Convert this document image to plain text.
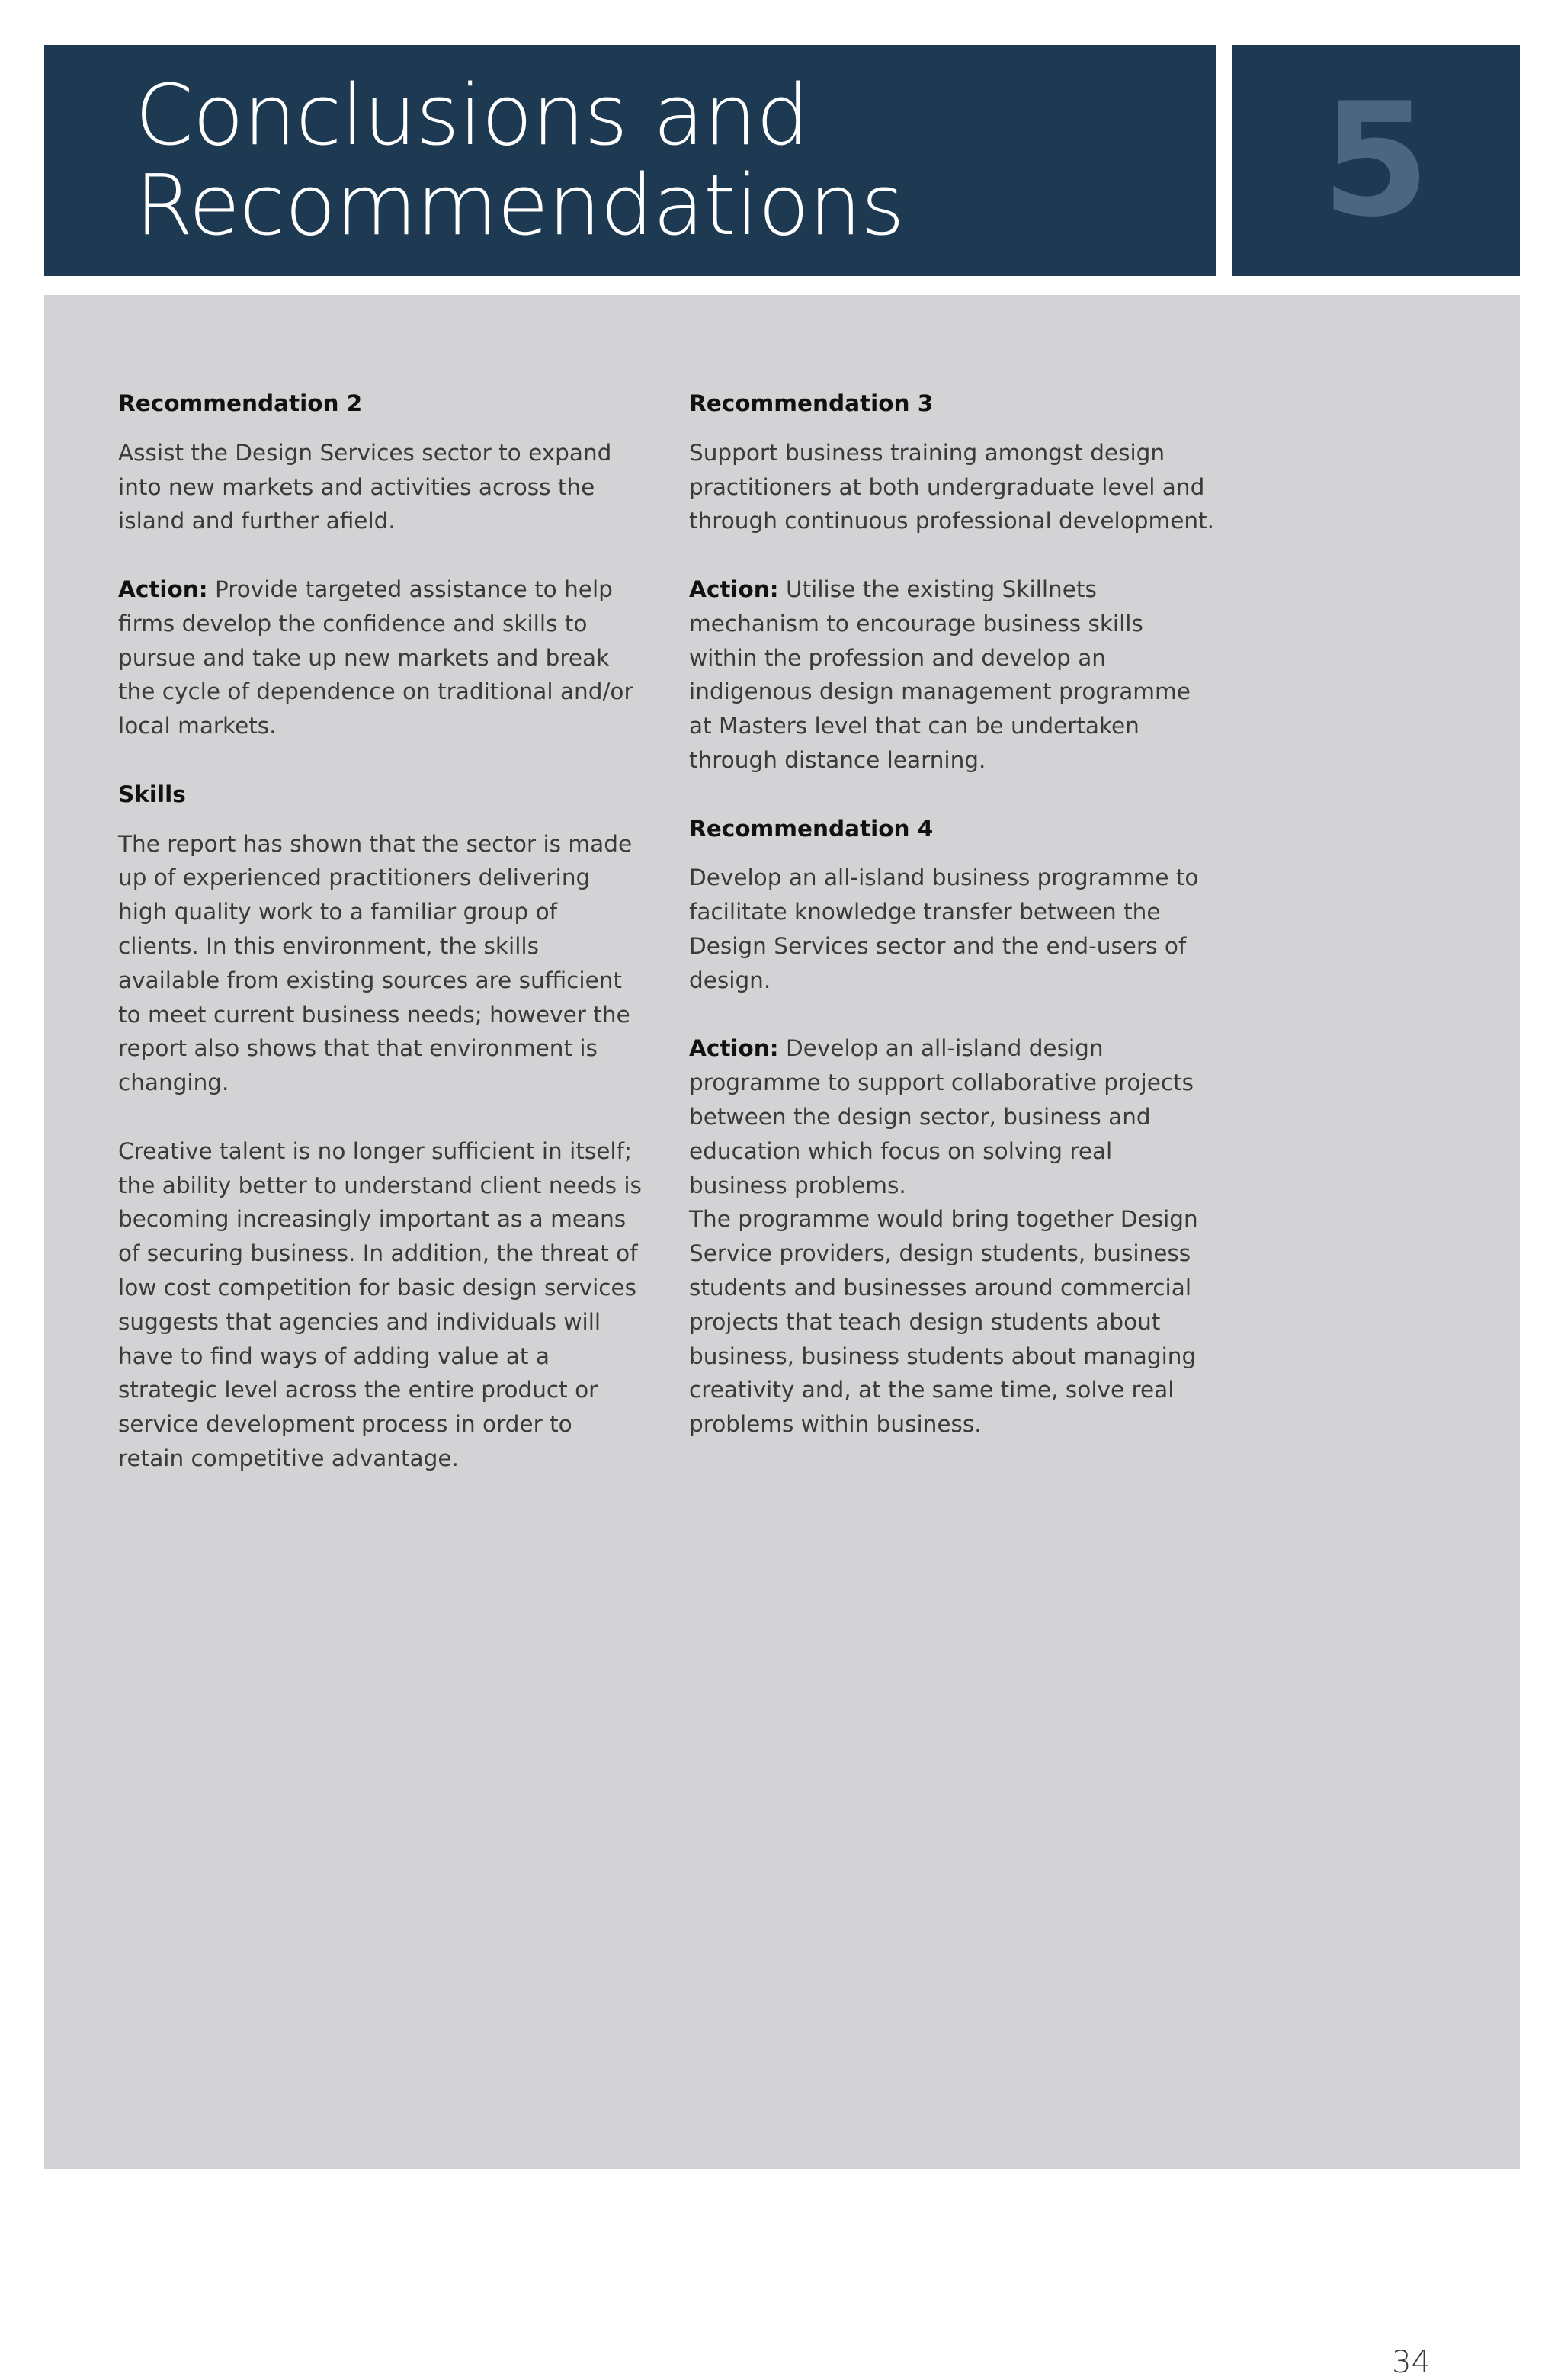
Conclusions and
Recommendations	5

Recommendation 2

Assist the Design Services sector to expand into new markets and activities across the island and further afield.

Action: Provide targeted assistance to help firms develop the confidence and skills to pursue and take up new markets and break the cycle of dependence on traditional and/or local markets.

Skills

The report has shown that the sector is made up of experienced practitioners delivering high quality work to a familiar group of clients. In this environment, the skills available from existing sources are sufficient to meet current business needs; however the report also shows that that environment is changing.

Creative talent is no longer sufficient in itself; the ability better to understand client needs is becoming increasingly important as a means of securing business. In addition, the threat of low cost competition for basic design services suggests that agencies and individuals will have to find ways of adding value at a strategic level across the entire product or service development process in order to retain competitive advantage.

Recommendation 3

Support business training amongst design practitioners at both undergraduate level and through continuous professional development.

Action: Utilise the existing Skillnets mechanism to encourage business skills within the profession and develop an indigenous design management programme at Masters level that can be undertaken through distance learning.

Recommendation 4

Develop an all-island business programme to facilitate knowledge transfer between the Design Services sector and the end-users of design.

Action: Develop an all-island design programme to support collaborative projects between the design sector, business and education which focus on solving real business problems.

The programme would bring together Design Service providers, design students, business students and businesses around commercial projects that teach design students about business, business students about managing creativity and, at the same time, solve real problems within business.

34
